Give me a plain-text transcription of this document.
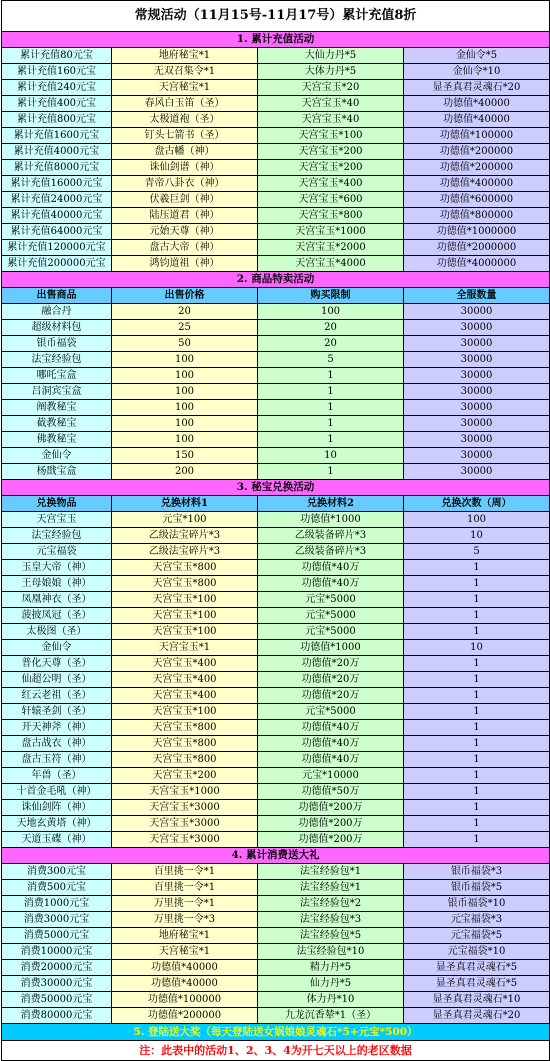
常规活动（11月15号-11月17号）累计充值8折			
1. 累计充值活动			
累计充值80元宝	地府秘宝*1	大仙力丹*5	金仙令*5
累计充值160元宝	无双召集令*1	大体力丹*5	金仙令*10
累计充值240元宝	天宫秘宝*1	天宫宝玉*20	显圣真君灵魂石*20
累计充值400元宝	春风白玉笛（圣）	天宫宝玉*40	功德值*40000
累计充值800元宝	太极道袍（圣）	天宫宝玉*40	功德值*40000
累计充值1600元宝	钉头七箭书（圣）	天宫宝玉*100	功德值*100000
累计充值4000元宝	盘古幡（神）	天宫宝玉*200	功德值*200000
累计充值8000元宝	诛仙剑谱（神）	天宫宝玉*200	功德值*200000
累计充值16000元宝	青帝八卦衣（神）	天宫宝玉*400	功德值*400000
累计充值24000元宝	伏羲巨剑（神）	天宫宝玉*600	功德值*600000
累计充值40000元宝	陆压道君（神）	天宫宝玉*800	功德值*800000
累计充值64000元宝	元始天尊（神）	天宫宝玉*1000	功德值*1000000
累计充值120000元宝	盘古大帝（神）	天宫宝玉*2000	功德值*2000000
累计充值200000元宝	鸿钧道祖（神）	天宫宝玉*4000	功德值*4000000
2. 商品特卖活动			
出售商品	出售价格	购买限制	全服数量
融合丹	20	100	30000
超级材料包	25	20	30000
银币福袋	50	20	30000
法宝经验包	100	5	30000
哪吒宝盒	100	1	30000
吕洞宾宝盒	100	1	30000
阐教秘宝	100	1	30000
截教秘宝	100	1	30000
佛教秘宝	100	1	30000
金仙令	150	10	30000
杨戬宝盒	200	1	30000
3. 秘宝兑换活动			
兑换物品	兑换材料1	兑换材料2	兑换次数（周）
天宫宝玉	元宝*100	功德值*1000	100
法宝经验包	乙级法宝碎片*3	乙级装备碎片*3	10
元宝福袋	乙级法宝碎片*3	乙级装备碎片*3	5
玉皇大帝（神）	天宫宝玉*800	功德值*40万	1
王母娘娘（神）	天宫宝玉*800	功德值*40万	1
凤凰神衣（圣）	天宫宝玉*100	元宝*5000	1
菠披凤冠（圣）	天宫宝玉*100	元宝*5000	1
太极图（圣）	天宫宝玉*100	元宝*5000	1
金仙令	天宫宝玉*1	功德值*1000	10
普化天尊（圣）	天宫宝玉*400	功德值*20万	1
仙超公明（圣）	天宫宝玉*400	功德值*20万	1
红云老祖（圣）	天宫宝玉*400	功德值*20万	1
轩辕圣剑（圣）	天宫宝玉*100	元宝*5000	1
开天神斧（神）	天宫宝玉*800	功德值*40万	1
盘古战衣（神）	天宫宝玉*800	功德值*40万	1
盘古玉符（神）	天宫宝玉*800	功德值*40万	1
年兽（圣）	天宫宝玉*200	元宝*10000	1
十首金毛吼（神）	天宫宝玉*1000	功德值*50万	1
诛仙剑阵（神）	天宫宝玉*3000	功德值*200万	1
天地玄黄塔（神）	天宫宝玉*3000	功德值*200万	1
天道玉碟（神）	天宫宝玉*3000	功德值*200万	1
4. 累计消费送大礼			
消费300元宝	百里挑一令*1	法宝经验包*1	银币福袋*3
消费500元宝	百里挑一令*1	法宝经验包*1	银币福袋*5
消费1000元宝	万里挑一令*1	法宝经验包*2	银币福袋*10
消费3000元宝	万里挑一令*3	法宝经验包*3	元宝福袋*3
消费5000元宝	地府秘宝*1	法宝经验包*5	元宝福袋*5
消费10000元宝	天宫秘宝*1	法宝经验包*10	元宝福袋*10
消费20000元宝	功德值*40000	精力丹*5	显圣真君灵魂石*5
消费30000元宝	功德值*40000	仙力丹*5	显圣真君灵魂石*5
消费50000元宝	功德值*100000	体力丹*10	显圣真君灵魂石*10
消费80000元宝	功德值*200000	九龙沉香辇*1（圣）	显圣真君灵魂石*20
5. 登陆送大奖（每天登陆送女娲娘娘灵魂石*5+元宝*500）			
注：此表中的活动1、2、3、4为开七天以上的老区数据			
